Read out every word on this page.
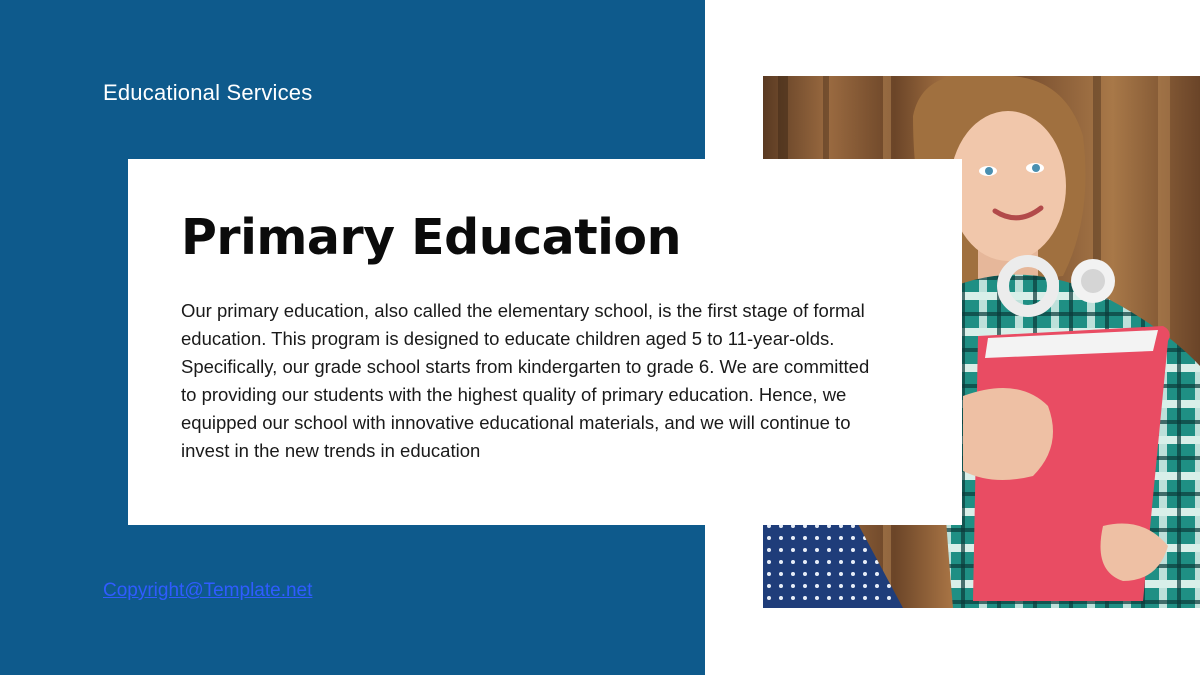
Educational Services
Primary Education

Our primary education, also called the elementary school, is the first stage of formal education. This program is designed to educate children aged 5 to 11-year-olds. Specifically, our grade school starts from kindergarten to grade 6. We are committed to providing our students with the highest quality of primary education. Hence, we equipped our school with innovative educational materials, and we will continue to invest in the new trends in education

Copyright@Template.net
